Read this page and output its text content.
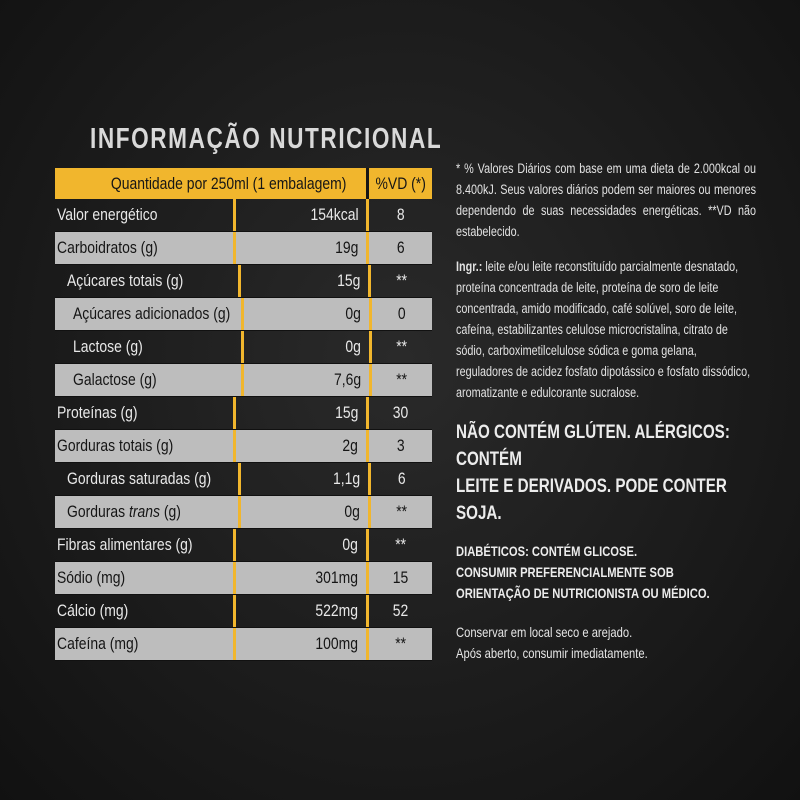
INFORMAÇÃO NUTRICIONAL
Quantidade por 250ml (1 embalagem)	%VD (*)
Valor energético	154kcal 8
Carboidratos (g)	19g 6
Açúcares totais (g)	15g **
Açúcares adicionados (g)	0g 0
Lactose (g)	0g **
Galactose (g)	7,6g **
Proteínas (g)	15g 30
Gorduras totais (g)	2g 3
Gorduras saturadas (g)	1,1g 6
Gorduras trans (g)	0g **
Fibras alimentares (g)	0g **
Sódio (mg)	301mg 15
Cálcio (mg)	522mg 52
Cafeína (mg)	100mg **
* % Valores Diários com base em uma dieta de 2.000kcal ou 8.400kJ. Seus valores diários podem ser maiores ou menores dependendo de suas necessidades energéticas. **VD não estabelecido.
Ingr.: leite e/ou leite reconstituído parcialmente desnatado, proteína concentrada de leite, proteína de soro de leite concentrada, amido modificado, café solúvel, soro de leite, cafeína, estabilizantes celulose microcristalina, citrato de sódio, carboximetilcelulose sódica e goma gelana, reguladores de acidez fosfato dipotássico e fosfato dissódico, aromatizante e edulcorante sucralose.
NÃO CONTÉM GLÚTEN. ALÉRGICOS: CONTÉM
LEITE E DERIVADOS. PODE CONTER SOJA.
DIABÉTICOS: CONTÉM GLICOSE.
CONSUMIR PREFERENCIALMENTE SOB
ORIENTAÇÃO DE NUTRICIONISTA OU MÉDICO.
Conservar em local seco e arejado.
Após aberto, consumir imediatamente.
